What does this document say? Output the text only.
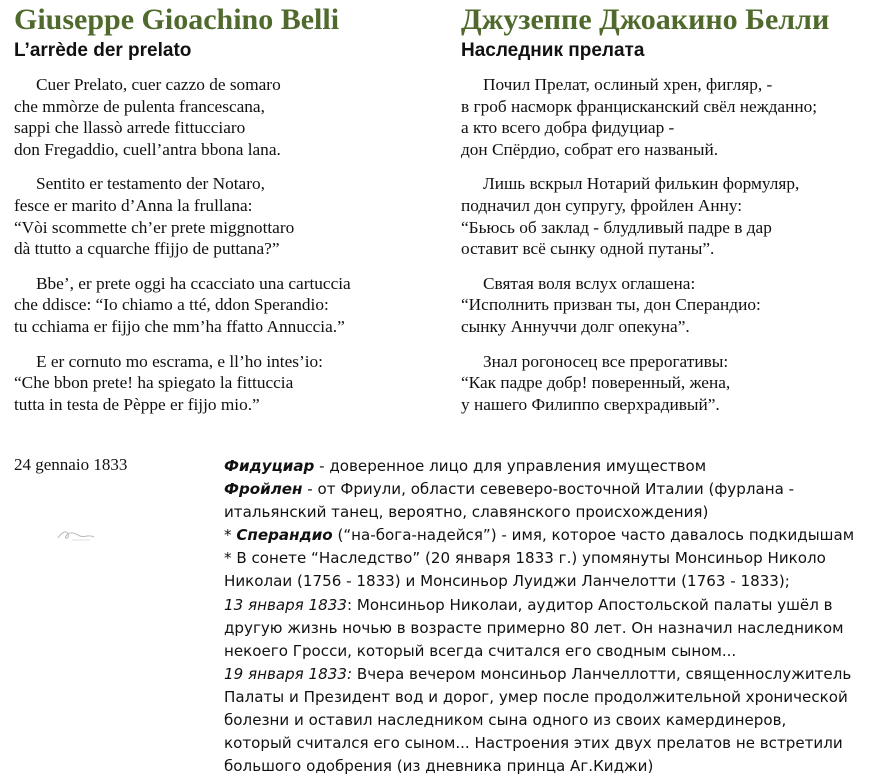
Giuseppe Gioachino Belli
L’arrède der prelato
Cuer Prelato, cuer cazzo de somaro
che mmòrze de pulenta francescana,
sappi che llassò arrede fittucciaro
don Fregaddio, cuell’antra bbona lana.
Sentito er testamento der Notaro,
fesce er marito d’Anna la frullana:
“Vòi scommette ch’er prete miggnottaro
dà ttutto a cquarche ffijjo de puttana?”
Bbe’, er prete oggi ha ccacciato una cartuccia
che ddisce: “Io chiamo a tté, ddon Sperandio:
tu cchiama er fijjo che mm’ha ffatto Annuccia.”
E er cornuto mo escrama, e ll’ho intes’io:
“Che bbon prete! ha spiegato la fittuccia
tutta in testa de Pèppe er fijjo mio.”
Джузеппе Джоакино Белли
Наследник прелата
Почил Прелат, ослиный хрен, фигляр, -
в гроб насморк францисканский свёл нежданно;
а кто всего добра фидуциар -
дон Спёрдио, собрат его названый.
Лишь вскрыл Нотарий филькин формуляр,
подначил дон супругу, фройлен Анну:
“Бьюсь об заклад - блудливый падре в дар
оставит всё сынку одной путаны”.
Святая воля вслух оглашена:
“Исполнить призван ты, дон Сперандио:
сынку Аннуччи долг опекуна”.
Знал рогоносец все прерогативы:
“Как падре добр! поверенный, жена,
у нашего Филиппо сверхрадивый”.
24 gennaio 1833	Фидуциар - доверенное лицо для управления имуществом
Фройлен - от Фриули, области севеверо-восточной Италии (фурлана -
итальянский танец, вероятно, славянского происхождения)
* Сперандио (“на-бога-надейся”) - имя, которое часто давалось подкидышам
* В сонете “Наследство” (20 января 1833 г.) упомянуты Монсиньор Николо
Николаи (1756 - 1833) и Монсиньор Луиджи Ланчелотти (1763 - 1833);
13 января 1833: Монсиньор Николаи, аудитор Апостольской палаты ушёл в
другую жизнь ночью в возрасте примерно 80 лет. Он назначил наследником
некоего Гросси, который всегда считался его сводным сыном...
19 января 1833: Вчера вечером монсиньор Ланчеллотти, священнослужитель
Палаты и Президент вод и дорог, умер после продолжительной хронической
болезни и оставил наследником сына одного из своих камердинеров,
который считался его сыном... Настроения этих двух прелатов не встретили
большого одобрения (из дневника принца Аг.Киджи)
